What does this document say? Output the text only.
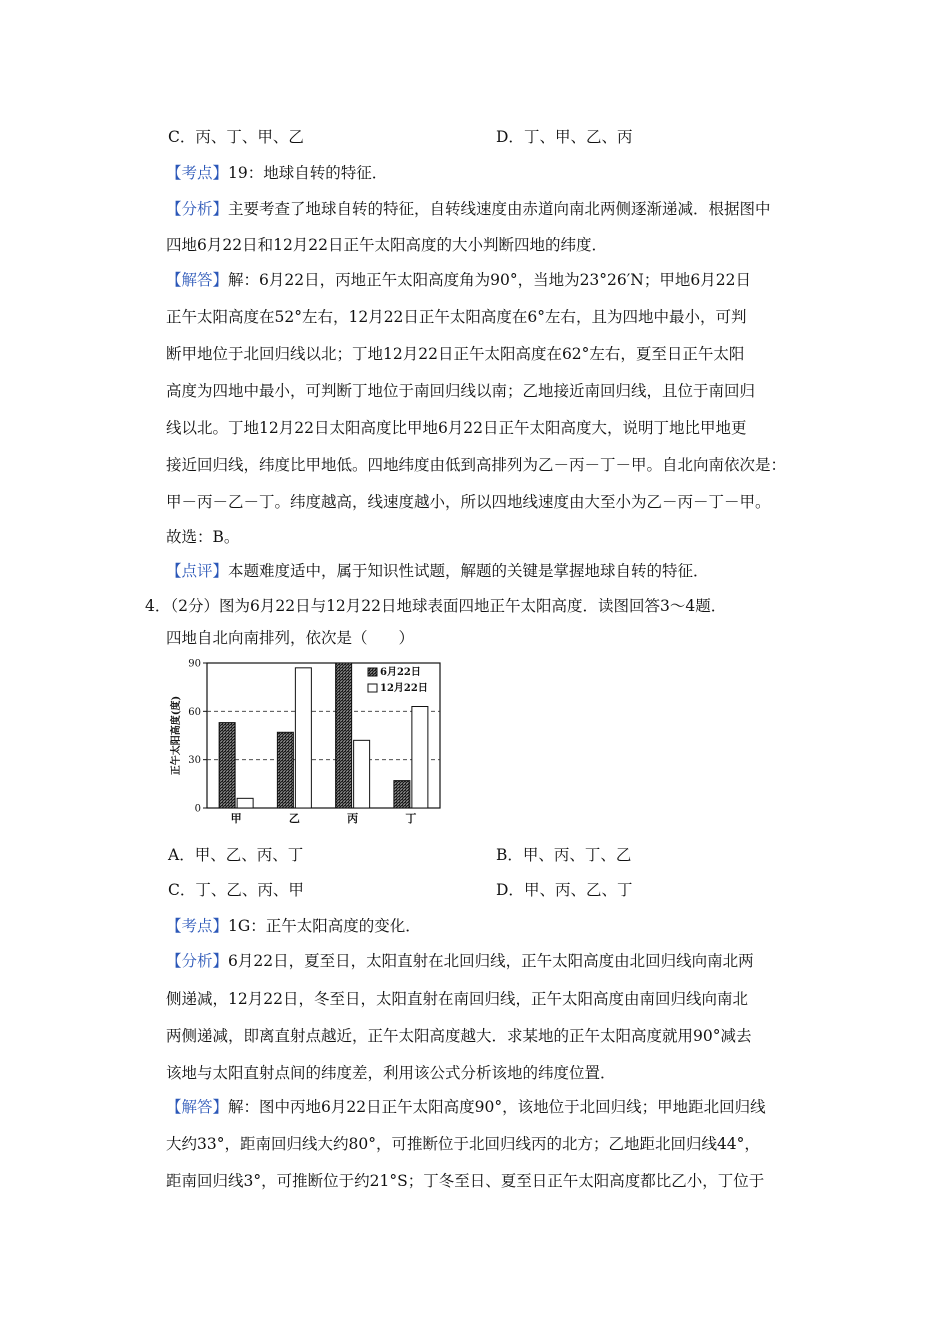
C．丙、丁、甲、乙	D．丁、甲、乙、丙
【考点】19：地球自转的特征．
【分析】主要考查了地球自转的特征，自转线速度由赤道向南北两侧逐渐递减．根据图中
四地6月22日和12月22日正午太阳高度的大小判断四地的纬度．
【解答】解：6月22日，丙地正午太阳高度角为90°，当地为23°26′N；甲地6月22日
正午太阳高度在52°左右，12月22日正午太阳高度在6°左右，且为四地中最小，可判
断甲地位于北回归线以北；丁地12月22日正午太阳高度在62°左右，夏至日正午太阳
高度为四地中最小，可判断丁地位于南回归线以南；乙地接近南回归线，且位于南回归
线以北。丁地12月22日太阳高度比甲地6月22日正午太阳高度大，说明丁地比甲地更
接近回归线，纬度比甲地低。四地纬度由低到高排列为乙－丙－丁－甲。自北向南依次是：
甲－丙－乙－丁。纬度越高，线速度越小，所以四地线速度由大至小为乙－丙－丁－甲。
故选：B。
【点评】本题难度适中，属于知识性试题，解题的关键是掌握地球自转的特征．
4．（2分）图为6月22日与12月22日地球表面四地正午太阳高度．读图回答3～4题．
四地自北向南排列，依次是（　　）
0
30
60
90
正午太阳高度(度)
甲	乙	丙	丁
6月22日
12月22日
A．甲、乙、丙、丁	B．甲、丙、丁、乙
C．丁、乙、丙、甲	D．甲、丙、乙、丁
【考点】1G：正午太阳高度的变化．
【分析】6月22日，夏至日，太阳直射在北回归线，正午太阳高度由北回归线向南北两
侧递减，12月22日，冬至日，太阳直射在南回归线，正午太阳高度由南回归线向南北
两侧递减，即离直射点越近，正午太阳高度越大．求某地的正午太阳高度就用90°减去
该地与太阳直射点间的纬度差，利用该公式分析该地的纬度位置．
【解答】解：图中丙地6月22日正午太阳高度90°，该地位于北回归线；甲地距北回归线
大约33°，距南回归线大约80°，可推断位于北回归线丙的北方；乙地距北回归线44°，
距南回归线3°，可推断位于约21°S；丁冬至日、夏至日正午太阳高度都比乙小，丁位于
